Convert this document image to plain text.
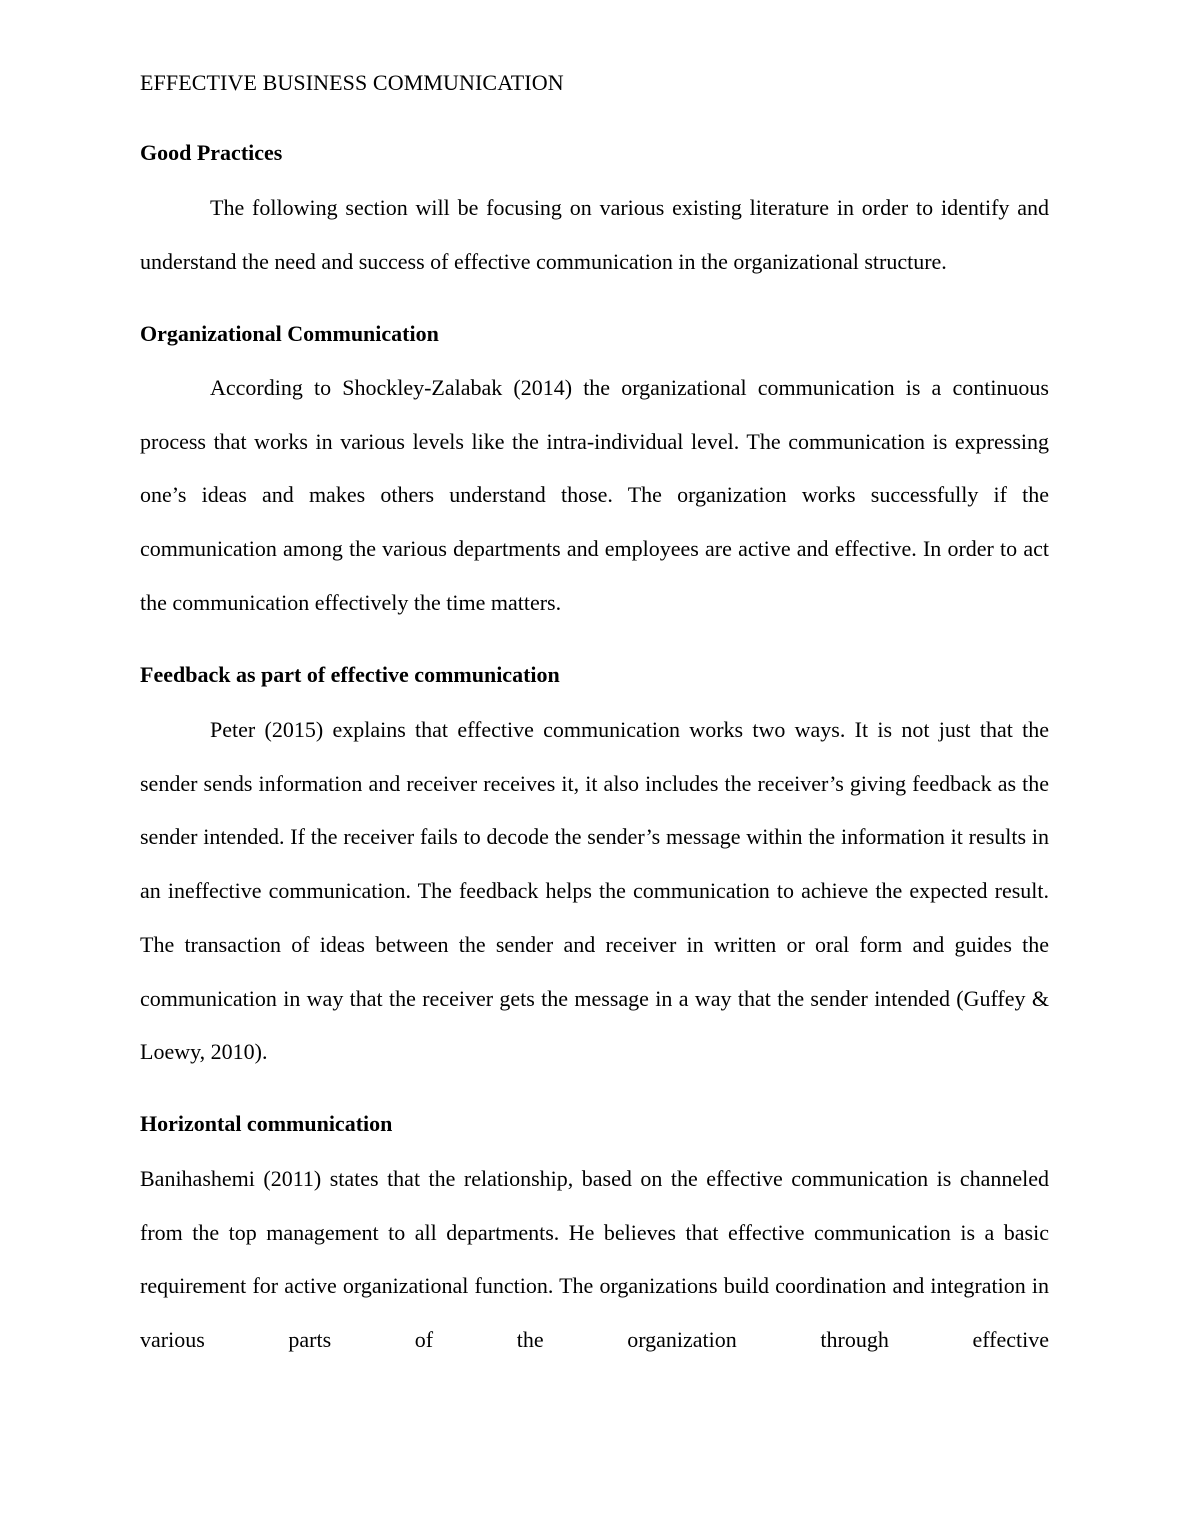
EFFECTIVE BUSINESS COMMUNICATION
Good Practices

The following section will be focusing on various existing literature in order to identify and understand the need and success of effective communication in the organizational structure.

Organizational Communication

According to Shockley-Zalabak (2014) the organizational communication is a continuous process that works in various levels like the intra-individual level. The communication is expressing one’s ideas and makes others understand those. The organization works successfully if the communication among the various departments and employees are active and effective. In order to act the communication effectively the time matters.

Feedback as part of effective communication

Peter (2015) explains that effective communication works two ways. It is not just that the sender sends information and receiver receives it, it also includes the receiver’s giving feedback as the sender intended. If the receiver fails to decode the sender’s message within the information it results in an ineffective communication. The feedback helps the communication to achieve the expected result. The transaction of ideas between the sender and receiver in written or oral form and guides the communication in way that the receiver gets the message in a way that the sender intended (Guffey & Loewy, 2010).

Horizontal communication

Banihashemi (2011) states that the relationship, based on the effective communication is channeled from the top management to all departments. He believes that effective communication is a basic requirement for active organizational function. The organizations build coordination and integration in various parts of the organization through effective
